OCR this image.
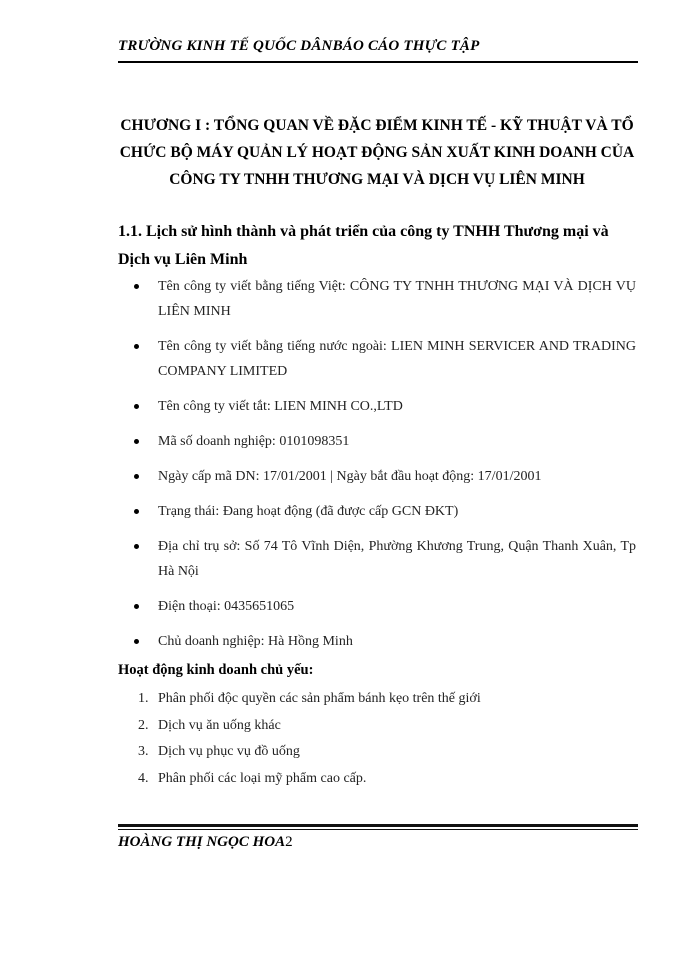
TRƯỜNG KINH TẾ QUỐC DÂNBÁO CÁO THỰC TẬP
CHƯƠNG I : TỔNG QUAN VỀ ĐẶC ĐIỂM KINH TẾ - KỸ THUẬT VÀ TỔ CHỨC BỘ MÁY QUẢN LÝ HOẠT ĐỘNG SẢN XUẤT KINH DOANH CỦA CÔNG TY TNHH THƯƠNG MẠI VÀ DỊCH VỤ LIÊN MINH
1.1. Lịch sử hình thành và phát triển của công ty TNHH Thương mại và Dịch vụ Liên Minh
Tên công ty viết bằng tiếng Việt: CÔNG TY TNHH THƯƠNG MẠI VÀ DỊCH VỤ LIÊN MINH
Tên công ty viết bằng tiếng nước ngoài: LIEN MINH SERVICER AND TRADING COMPANY LIMITED
Tên công ty viết tắt: LIEN MINH CO.,LTD
Mã số doanh nghiệp: 0101098351
Ngày cấp mã DN: 17/01/2001 | Ngày bắt đầu hoạt động: 17/01/2001
Trạng thái: Đang hoạt động (đã được cấp GCN ĐKT)
Địa chỉ trụ sở: Số 74 Tô Vĩnh Diện, Phường Khương Trung, Quận Thanh Xuân, Tp Hà Nội
Điện thoại: 0435651065
Chủ doanh nghiệp: Hà Hồng Minh
Hoạt động kinh doanh chủ yếu:
1. Phân phối độc quyền các sản phẩm bánh kẹo trên thế giới
2. Dịch vụ ăn uống khác
3. Dịch vụ phục vụ đồ uống
4. Phân phối các loại mỹ phẩm cao cấp.
HOÀNG THỊ NGỌC HOA2
